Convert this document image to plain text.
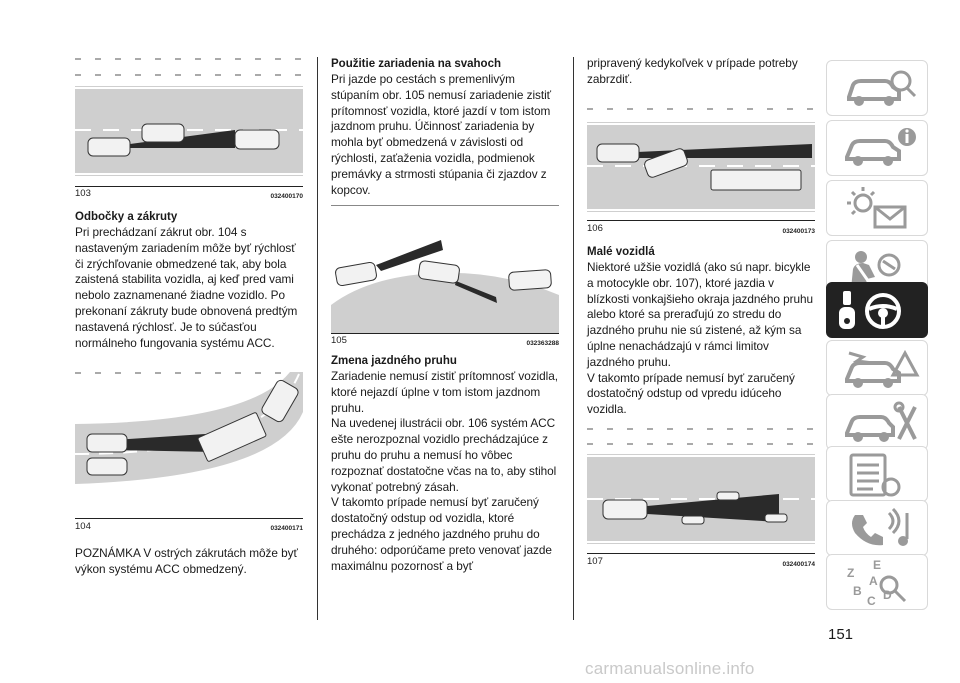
103	032400170

Odbočky a zákruty

Pri prechádzaní zákrut obr. 104 s nastaveným zariadením môže byť rýchlosť či zrýchľovanie obmedzené tak, aby bola zaistená stabilita vozidla, aj keď pred vami nebolo zaznamenané žiadne vozidlo. Po prekonaní zákruty bude obnovená predtým nastavená rýchlosť. Je to súčasťou normálneho fungovania systému ACC.

104	032400171

POZNÁMKA V ostrých zákrutách môže byť výkon systému ACC obmedzený.

Použitie zariadenia na svahoch

Pri jazde po cestách s premenlivým stúpaním obr. 105 nemusí zariadenie zistiť prítomnosť vozidla, ktoré jazdí v tom istom jazdnom pruhu. Účinnosť zariadenia by mohla byť obmedzená v závislosti od rýchlosti, zaťaženia vozidla, podmienok premávky a strmosti stúpania či zjazdov z kopcov.

105	032363288

Zmena jazdného pruhu

Zariadenie nemusí zistiť prítomnosť vozidla, ktoré nejazdí úplne v tom istom jazdnom pruhu.

Na uvedenej ilustrácii obr. 106 systém ACC ešte nerozpoznal vozidlo prechádzajúce z pruhu do pruhu a nemusí ho vôbec rozpoznať dostatočne včas na to, aby stihol vykonať potrebný zásah.

V takomto prípade nemusí byť zaručený dostatočný odstup od vozidla, ktoré prechádza z jedného jazdného pruhu do druhého: odporúčame preto venovať jazde maximálnu pozornosť a byť

pripravený kedykoľvek v prípade potreby zabrzdiť.

106	032400173

Malé vozidlá

Niektoré užšie vozidlá (ako sú napr. bicykle a motocykle obr. 107), ktoré jazdia v blízkosti vonkajšieho okraja jazdného pruhu alebo ktoré sa preraďujú zo stredu do jazdného pruhu nie sú zistené, až kým sa úplne nenachádzajú v rámci limitov jazdného pruhu.

V takomto prípade nemusí byť zaručený dostatočný odstup od vpredu idúceho vozidla.

107	032400174
Z
E
B
C D
A
151
carmanualsonline.info
